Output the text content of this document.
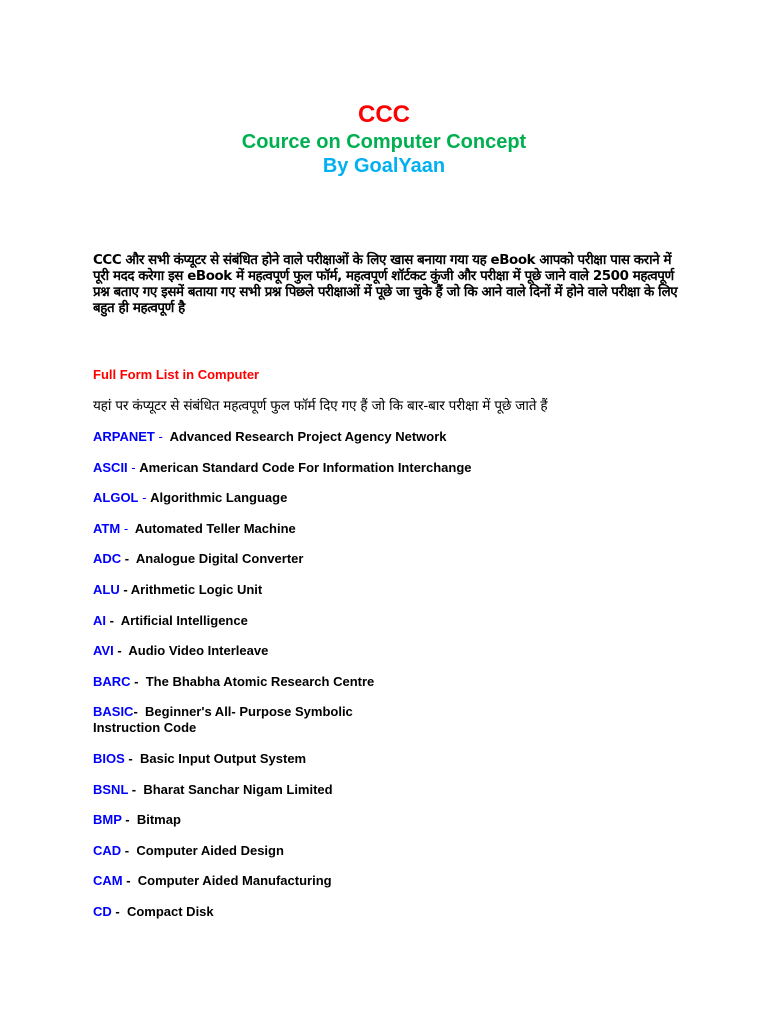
CCC
Cource on Computer Concept
By GoalYaan
CCC और सभी कंप्यूटर से संबंधित होने वाले परीक्षाओं के लिए खास बनाया गया यह eBook आपको परीक्षा पास कराने में पूरी मदद करेगा इस eBook में महत्वपूर्ण फुल फॉर्म, महत्वपूर्ण शॉर्टकट कुंजी और परीक्षा में पूछे जाने वाले 2500 महत्वपूर्ण प्रश्न बताए गए इसमें बताया गए सभी प्रश्न पिछले परीक्षाओं में पूछे जा चुके हैं जो कि आने वाले दिनों में होने वाले परीक्षा के लिए बहुत ही महत्वपूर्ण है
Full Form List in Computer
यहां पर कंप्यूटर से संबंधित महत्वपूर्ण फुल फॉर्म दिए गए हैं जो कि बार-बार परीक्षा में पूछे जाते हैं
ARPANET -  Advanced Research Project Agency Network
ASCII - American Standard Code For Information Interchange
ALGOL - Algorithmic Language
ATM -  Automated Teller Machine
ADC -  Analogue Digital Converter
ALU - Arithmetic Logic Unit
AI -  Artificial Intelligence
AVI -  Audio Video Interleave
BARC -  The Bhabha Atomic Research Centre
BASIC-  Beginner's All- Purpose Symbolic Instruction Code
BIOS -  Basic Input Output System
BSNL -  Bharat Sanchar Nigam Limited
BMP -  Bitmap
CAD -  Computer Aided Design
CAM -  Computer Aided Manufacturing
CD -  Compact Disk
